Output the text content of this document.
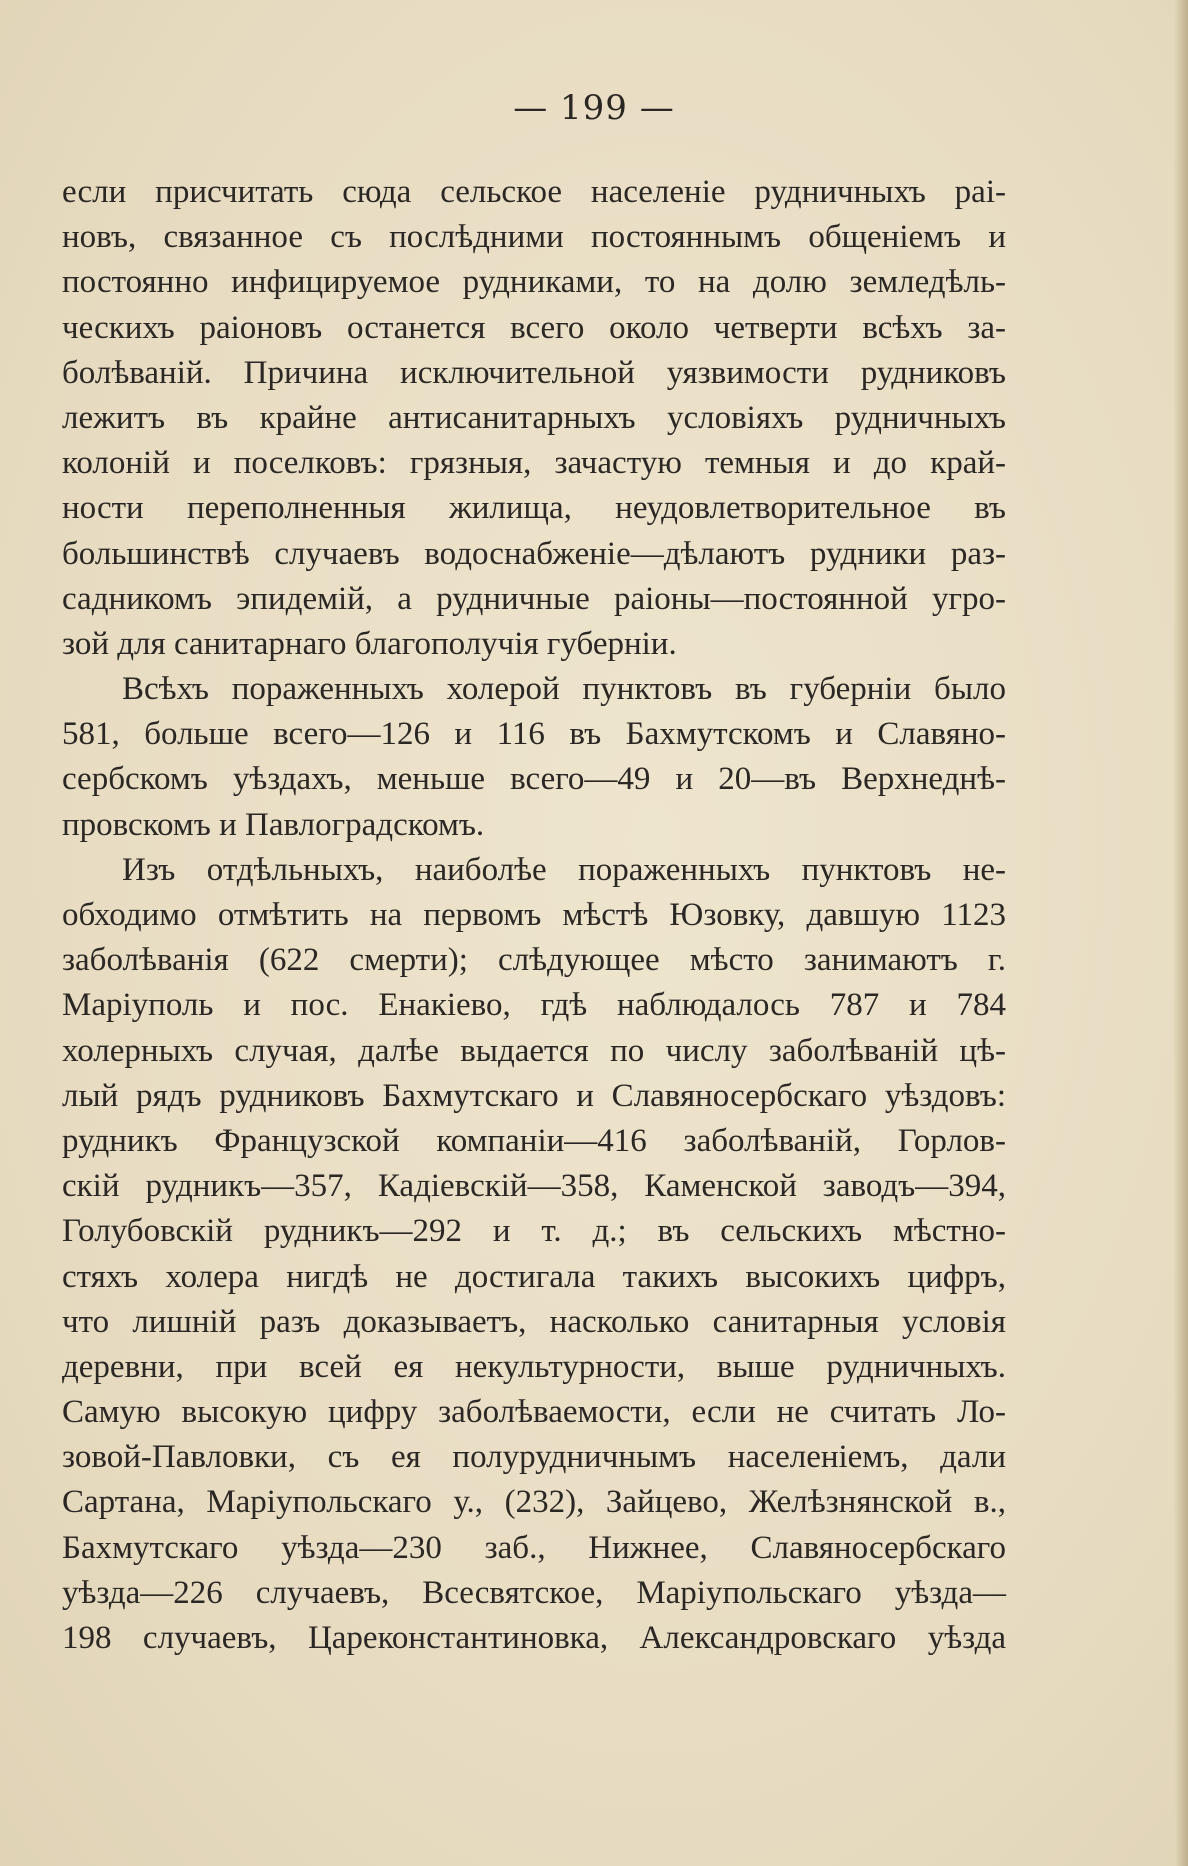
— 199 —
если присчитать сюда сельское населеніе рудничныхъ раі-
новъ, связанное съ послѣдними постояннымъ общеніемъ и
постоянно инфицируемое рудниками, то на долю земледѣль-
ческихъ раіоновъ останется всего около четверти всѣхъ за-
болѣваній. Причина исключительной уязвимости рудниковъ
лежитъ въ крайне антисанитарныхъ условіяхъ рудничныхъ
колоній и поселковъ: грязныя, зачастую темныя и до край-
ности переполненныя жилища, неудовлетворительное въ
большинствѣ случаевъ водоснабженіе—дѣлаютъ рудники раз-
садникомъ эпидемій, а рудничные раіоны—постоянной угро-
зой для санитарнаго благополучія губерніи.
Всѣхъ пораженныхъ холерой пунктовъ въ губерніи было
581, больше всего—126 и 116 въ Бахмутскомъ и Славяно-
сербскомъ уѣздахъ, меньше всего—49 и 20—въ Верхнеднѣ-
провскомъ и Павлоградскомъ.
Изъ отдѣльныхъ, наиболѣе пораженныхъ пунктовъ не-
обходимо отмѣтить на первомъ мѣстѣ Юзовку, давшую 1123
заболѣванія (622 смерти); слѣдующее мѣсто занимаютъ г.
Маріуполь и пос. Енакіево, гдѣ наблюдалось 787 и 784
холерныхъ случая, далѣе выдается по числу заболѣваній цѣ-
лый рядъ рудниковъ Бахмутскаго и Славяносербскаго уѣздовъ:
рудникъ Французской компаніи—416 заболѣваній, Горлов-
скій рудникъ—357, Кадіевскій—358, Каменской заводъ—394,
Голубовскій рудникъ—292 и т. д.; въ сельскихъ мѣстно-
стяхъ холера нигдѣ не достигала такихъ высокихъ цифръ,
что лишній разъ доказываетъ, насколько санитарныя условія
деревни, при всей ея некультурности, выше рудничныхъ.
Самую высокую цифру заболѣваемости, если не считать Ло-
зовой-Павловки, съ ея полурудничнымъ населеніемъ, дали
Сартана, Маріупольскаго у., (232), Зайцево, Желѣзнянской в.,
Бахмутскаго уѣзда—230 заб., Нижнее, Славяносербскаго
уѣзда—226 случаевъ, Всесвятское, Маріупольскаго уѣзда—
198 случаевъ, Цареконстантиновка, Александровскаго уѣзда
